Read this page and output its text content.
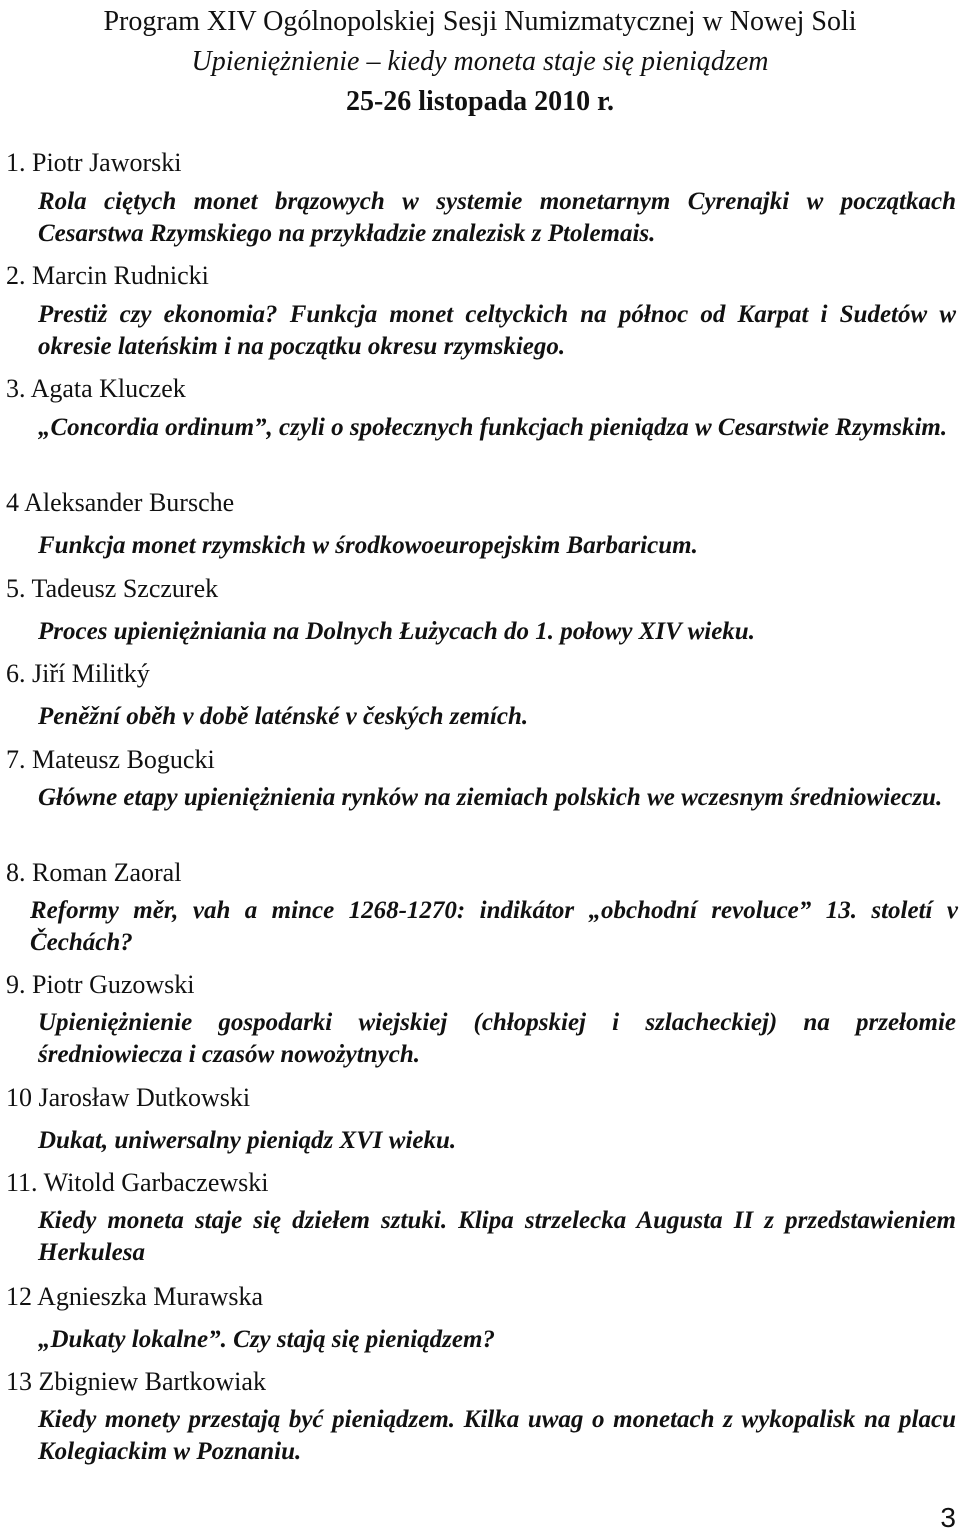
Program XIV Ogólnopolskiej Sesji Numizmatycznej w Nowej Soli
Upieniężnienie – kiedy moneta staje się pieniądzem
25-26 listopada 2010 r.
1. Piotr Jaworski
Rola ciętych monet brązowych w systemie monetarnym Cyrenajki w początkach Cesarstwa Rzymskiego na przykładzie znalezisk z Ptolemais.
2. Marcin Rudnicki
Prestiż czy ekonomia? Funkcja monet celtyckich na północ od Karpat i Sudetów w okresie lateńskim i na początku okresu rzymskiego.
3. Agata Kluczek
„Concordia ordinum”, czyli o społecznych funkcjach pieniądza w Cesarstwie Rzymskim.
4 Aleksander Bursche
Funkcja monet rzymskich w środkowoeuropejskim Barbaricum.
5. Tadeusz Szczurek
Proces upieniężniania na Dolnych Łużycach do 1. połowy XIV wieku.
6. Jiří Militký
Peněžní oběh v době laténské v českých zemích.
7. Mateusz Bogucki
Główne etapy upieniężnienia rynków na ziemiach polskich we wczesnym średniowieczu.
8. Roman Zaoral
Reformy měr, vah a mince 1268-1270: indikátor „obchodní revoluce” 13. století v Čechách?
9. Piotr Guzowski
Upieniężnienie gospodarki wiejskiej (chłopskiej i szlacheckiej) na przełomie średniowiecza i czasów nowożytnych.
10 Jarosław Dutkowski
Dukat, uniwersalny pieniądz XVI wieku.
11. Witold Garbaczewski
Kiedy moneta staje się dziełem sztuki. Klipa strzelecka Augusta II z przedstawieniem Herkulesa
12 Agnieszka Murawska
„Dukaty lokalne”. Czy stają się pieniądzem?
13 Zbigniew Bartkowiak
Kiedy monety przestają być pieniądzem. Kilka uwag o monetach z wykopalisk na placu Kolegiackim w Poznaniu.
3
